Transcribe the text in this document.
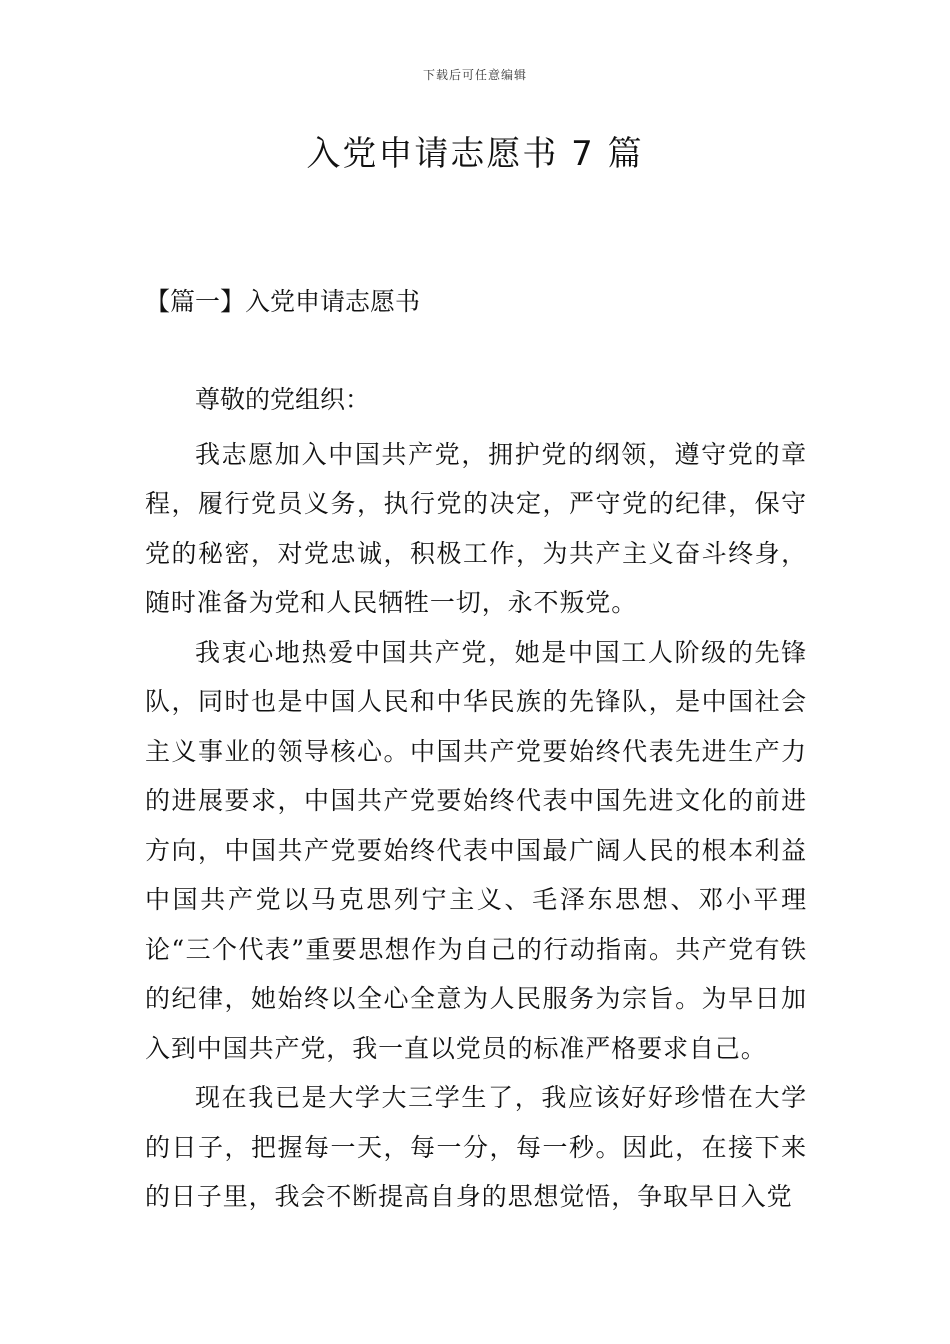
下载后可任意编辑
入党申请志愿书 7 篇
【篇一】入党申请志愿书

尊敬的党组织：

我志愿加入中国共产党，拥护党的纲领，遵守党的章程，履行党员义务，执行党的决定，严守党的纪律，保守党的秘密，对党忠诚，积极工作，为共产主义奋斗终身，随时准备为党和人民牺牲一切，永不叛党。

我衷心地热爱中国共产党，她是中国工人阶级的先锋队，同时也是中国人民和中华民族的先锋队，是中国社会主义事业的领导核心。中国共产党要始终代表先进生产力的进展要求，中国共产党要始终代表中国先进文化的前进方向，中国共产党要始终代表中国最广阔人民的根本利益中国共产党以马克思列宁主义、毛泽东思想、邓小平理论“三个代表”重要思想作为自己的行动指南。共产党有铁的纪律，她始终以全心全意为人民服务为宗旨。为早日加入到中国共产党，我一直以党员的标准严格要求自己。

现在我已是大学大三学生了，我应该好好珍惜在大学的日子，把握每一天，每一分，每一秒。因此，在接下来的日子里，我会不断提高自身的思想觉悟，争取早日入党
